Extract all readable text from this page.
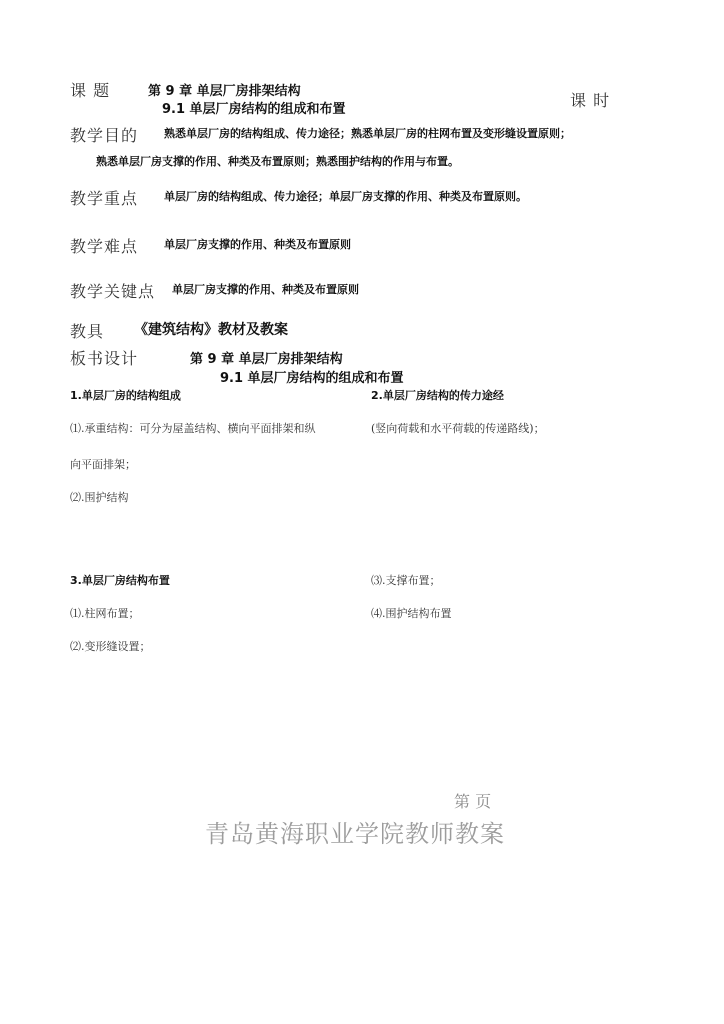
课 题	第 9 章 单层厂房排架结构
9.1 单层厂房结构的组成和布置	课 时
教学目的 熟悉单层厂房的结构组成、传力途径；熟悉单层厂房的柱网布置及变形缝设置原则；
熟悉单层厂房支撑的作用、种类及布置原则；熟悉围护结构的作用与布置。
教学重点 单层厂房的结构组成、传力途径；单层厂房支撑的作用、种类及布置原则。
教学难点 单层厂房支撑的作用、种类及布置原则
教学关键点 单层厂房支撑的作用、种类及布置原则
教具 《建筑结构》教材及教案
板书设计	第 9 章 单层厂房排架结构
9.1 单层厂房结构的组成和布置
1.单层厂房的结构组成	2.单层厂房结构的传力途经
⑴.承重结构：可分为屋盖结构、横向平面排架和纵	(竖向荷载和水平荷载的传递路线)；
向平面排架；
⑵.围护结构
3.单层厂房结构布置	⑶.支撑布置；
⑴.柱网布置；	⑷.围护结构布置
⑵.变形缝设置；
第 页
青岛黄海职业学院教师教案
